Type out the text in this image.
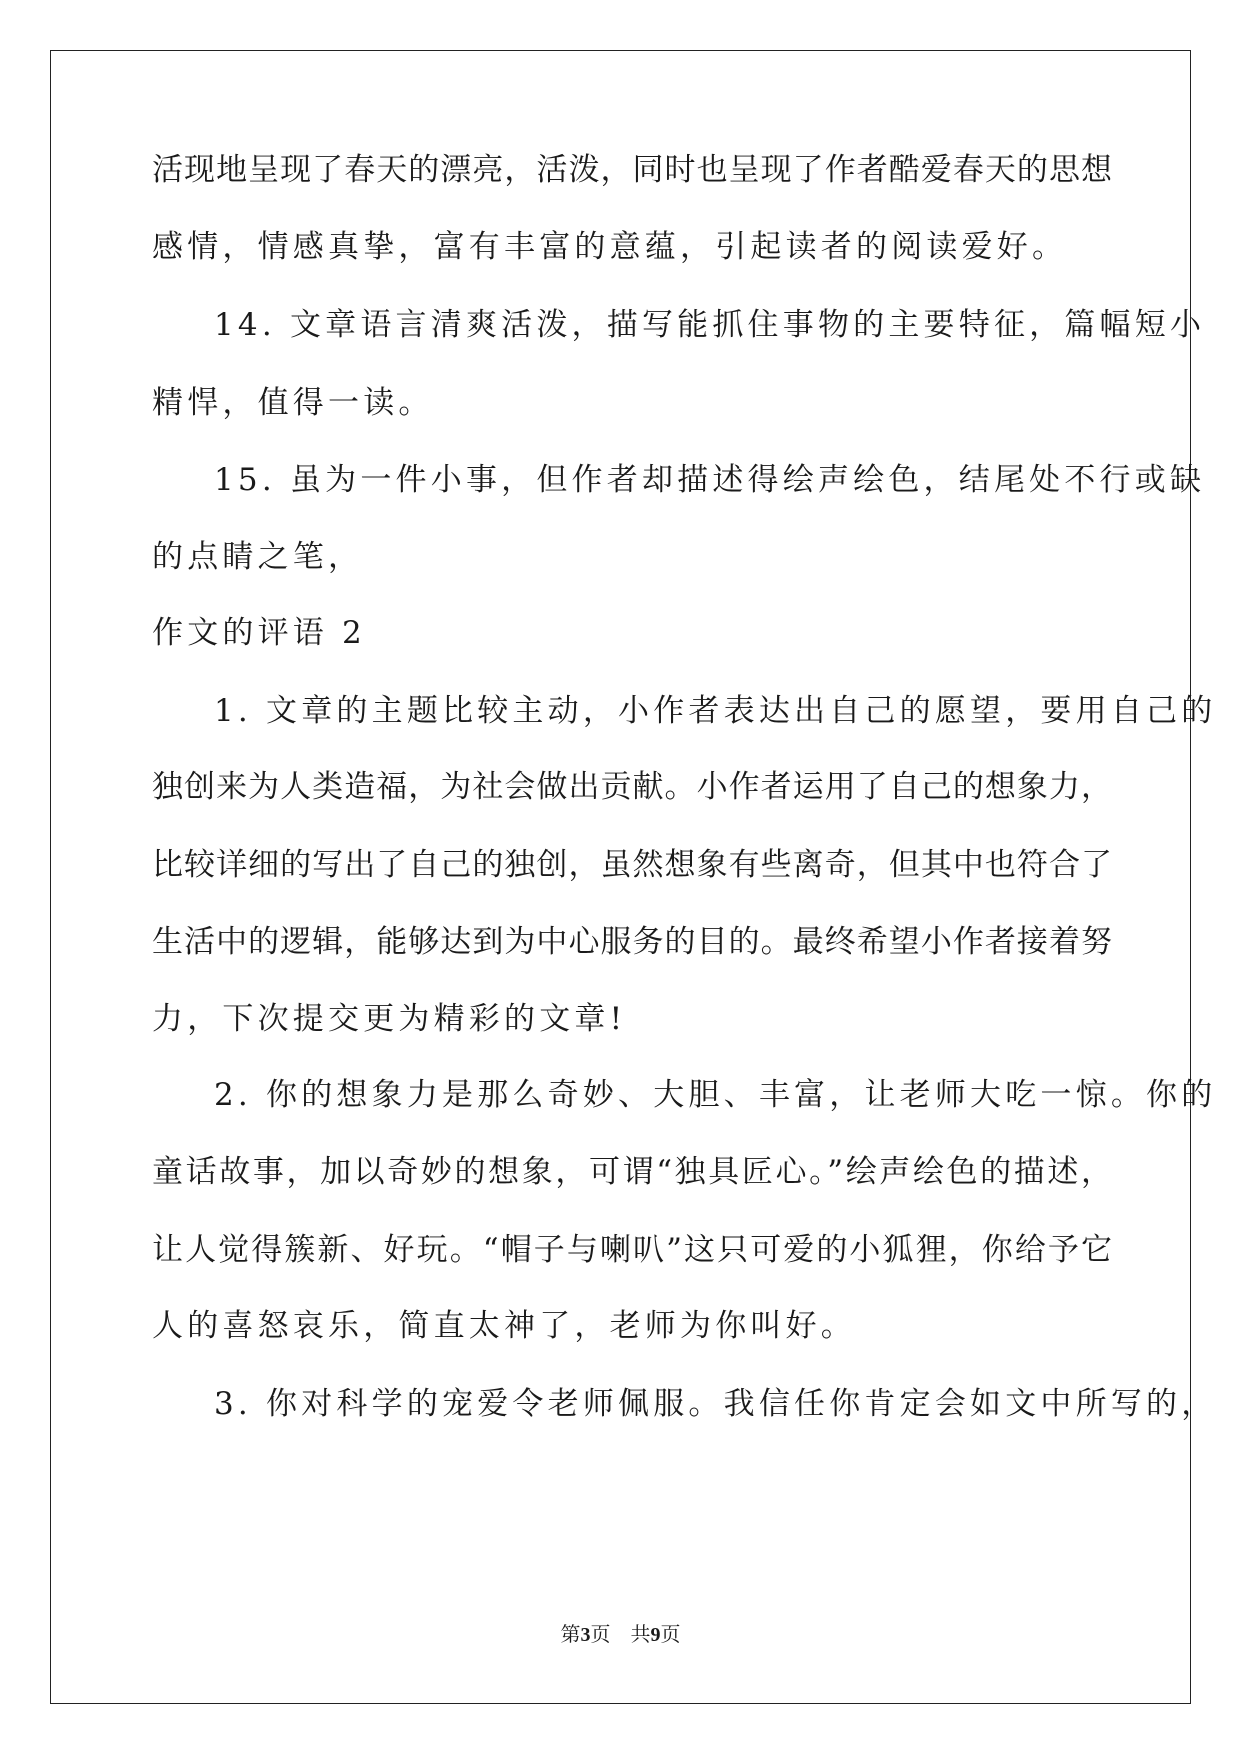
活现地呈现了春天的漂亮，活泼，同时也呈现了作者酷爱春天的思想
感情，情感真挚，富有丰富的意蕴，引起读者的阅读爱好。
14. 文章语言清爽活泼，描写能抓住事物的主要特征，篇幅短小
精悍，值得一读。
15. 虽为一件小事，但作者却描述得绘声绘色，结尾处不行或缺
的点睛之笔，
作文的评语 2
1. 文章的主题比较主动，小作者表达出自己的愿望，要用自己的
独创来为人类造福，为社会做出贡献。小作者运用了自己的想象力，
比较详细的写出了自己的独创，虽然想象有些离奇，但其中也符合了
生活中的逻辑，能够达到为中心服务的目的。最终希望小作者接着努
力，下次提交更为精彩的文章!
2. 你的想象力是那么奇妙、大胆、丰富，让老师大吃一惊。你的
童话故事，加以奇妙的想象，可谓“独具匠心。”绘声绘色的描述，
让人觉得簇新、好玩。“帽子与喇叭”这只可爱的小狐狸，你给予它
人的喜怒哀乐，简直太神了，老师为你叫好。
3. 你对科学的宠爱令老师佩服。我信任你肯定会如文中所写的，
第3页　共9页
